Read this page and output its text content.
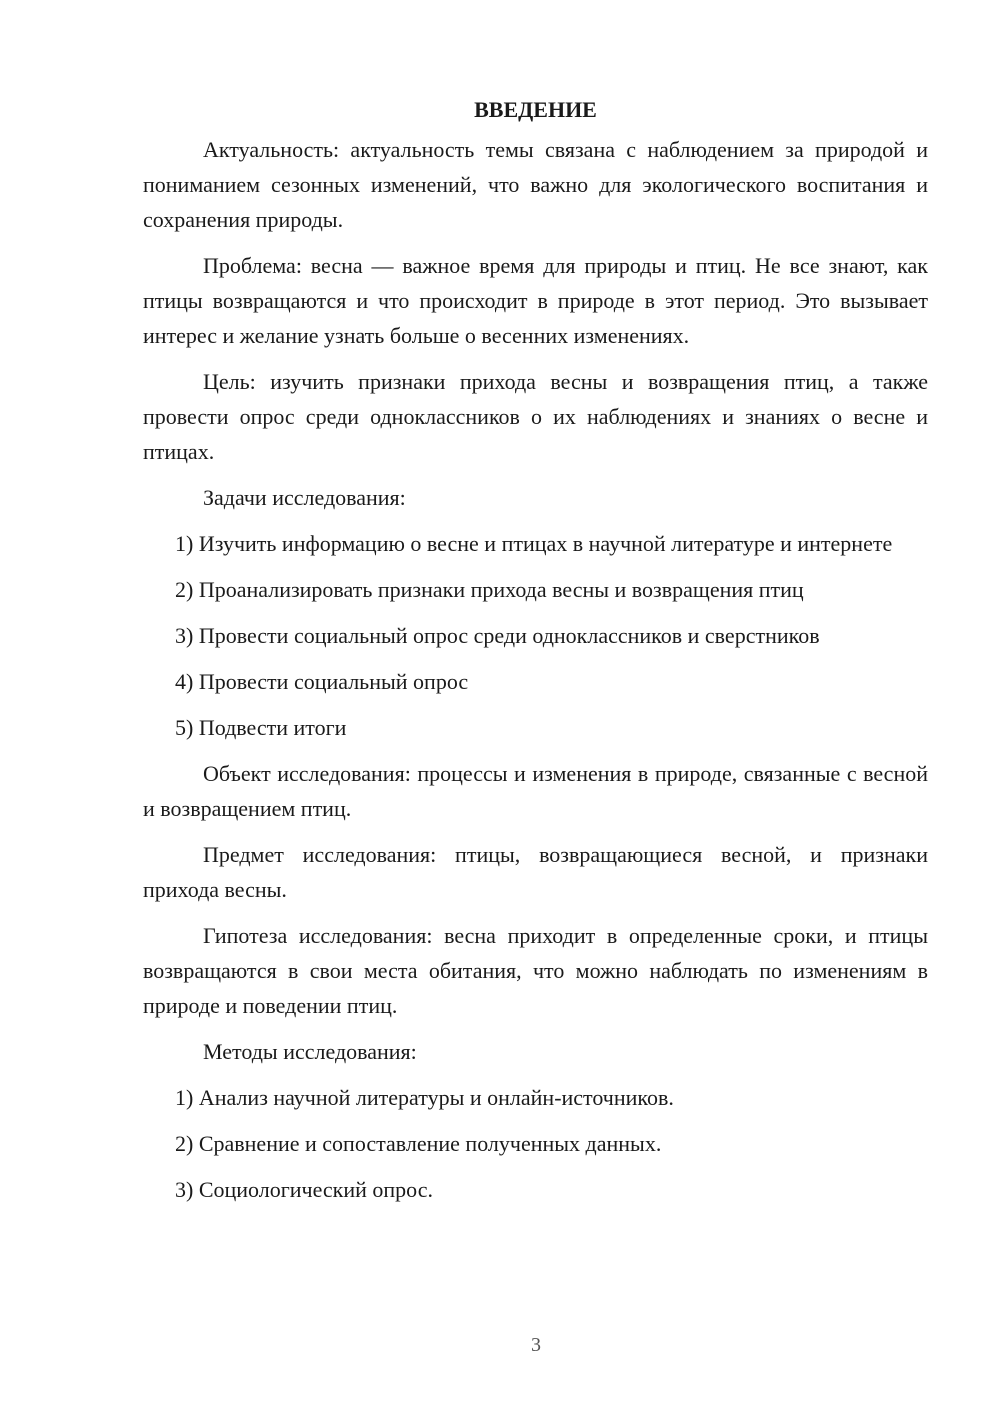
ВВЕДЕНИЕ

Актуальность: актуальность темы связана с наблюдением за природой и пониманием сезонных изменений, что важно для экологического воспитания и сохранения природы.

Проблема: весна — важное время для природы и птиц. Не все знают, как птицы возвращаются и что происходит в природе в этот период. Это вызывает интерес и желание узнать больше о весенних изменениях.

Цель: изучить признаки прихода весны и возвращения птиц, а также провести опрос среди одноклассников о их наблюдениях и знаниях о весне и птицах.

Задачи исследования:

1) Изучить информацию о весне и птицах в научной литературе и интернете

2) Проанализировать признаки прихода весны и возвращения птиц

3) Провести социальный опрос среди одноклассников и сверстников

4) Провести социальный опрос

5) Подвести итоги

Объект исследования: процессы и изменения в природе, связанные с весной и возвращением птиц.

Предмет исследования: птицы, возвращающиеся весной, и признаки прихода весны.

Гипотеза исследования: весна приходит в определенные сроки, и птицы возвращаются в свои места обитания, что можно наблюдать по изменениям в природе и поведении птиц.

Методы исследования:

1) Анализ научной литературы и онлайн-источников.

2) Сравнение и сопоставление полученных данных.

3) Социологический опрос.

3
